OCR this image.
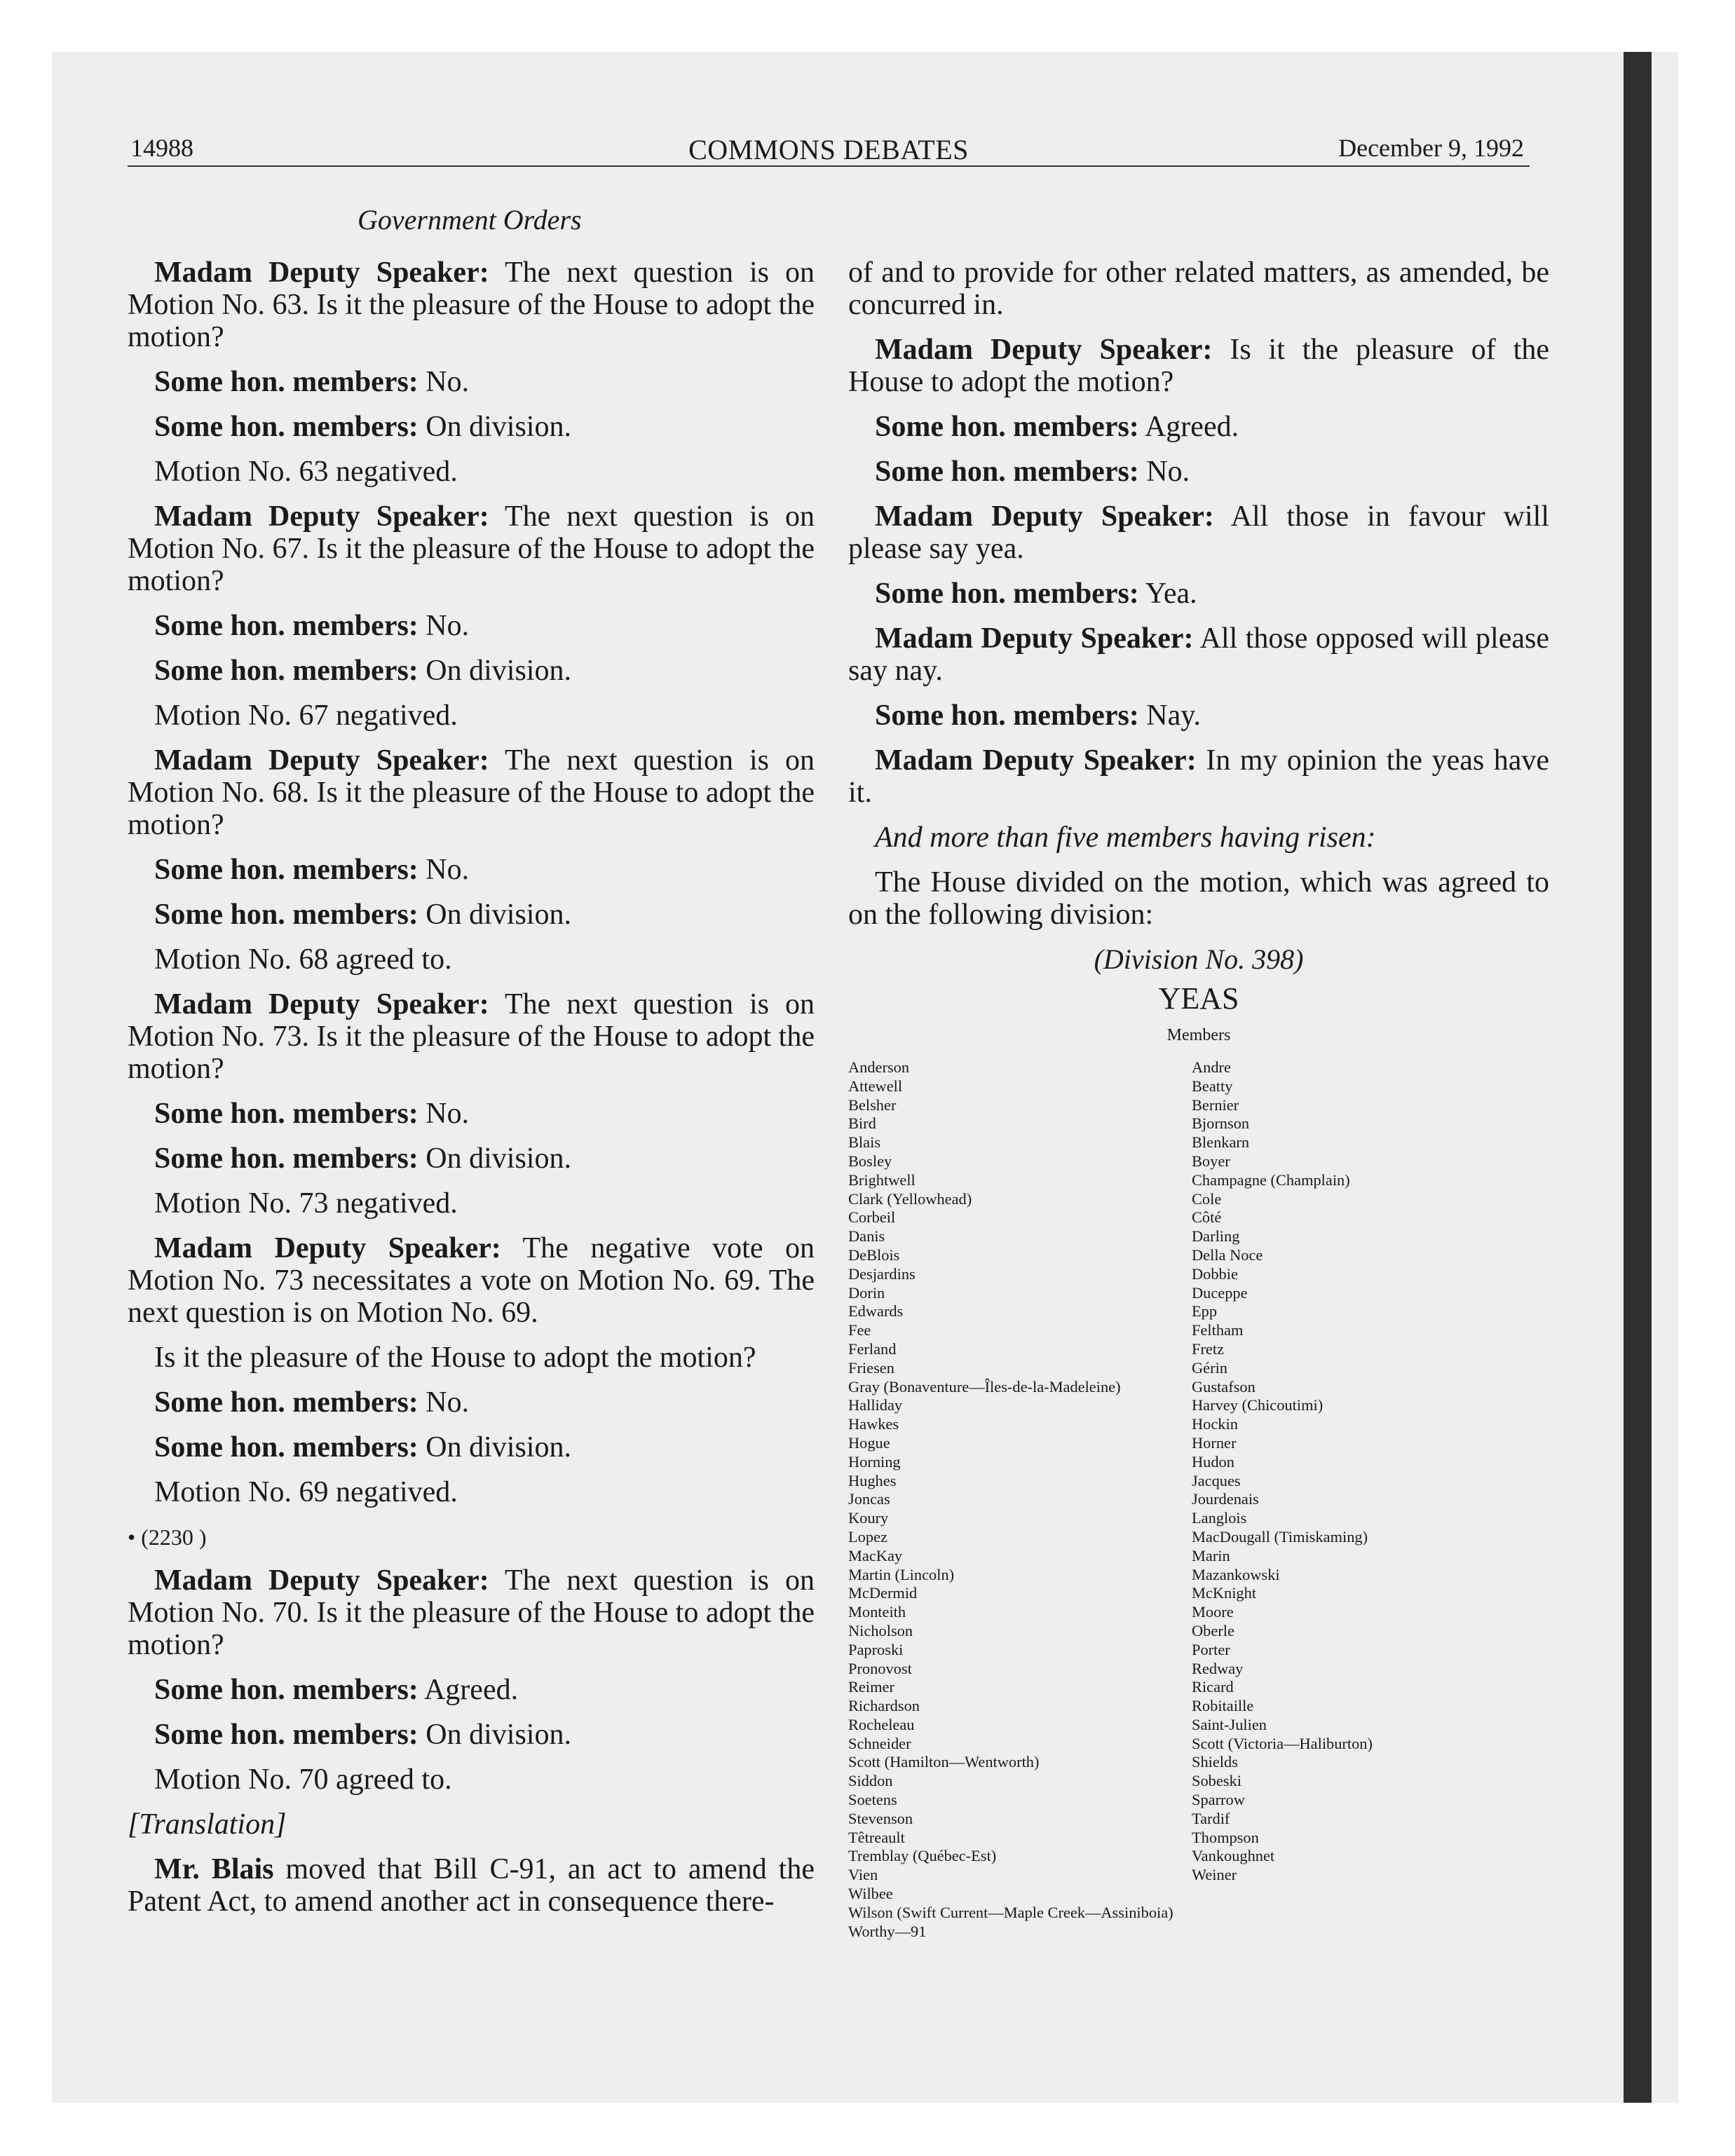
14988	COMMONS DEBATES	December 9, 1992
Government Orders

Madam Deputy Speaker: The next question is on Motion No. 63. Is it the pleasure of the House to adopt the motion?

Some hon. members: No.

Some hon. members: On division.

Motion No. 63 negatived.

Madam Deputy Speaker: The next question is on Motion No. 67. Is it the pleasure of the House to adopt the motion?

Some hon. members: No.

Some hon. members: On division.

Motion No. 67 negatived.

Madam Deputy Speaker: The next question is on Motion No. 68. Is it the pleasure of the House to adopt the motion?

Some hon. members: No.

Some hon. members: On division.

Motion No. 68 agreed to.

Madam Deputy Speaker: The next question is on Motion No. 73. Is it the pleasure of the House to adopt the motion?

Some hon. members: No.

Some hon. members: On division.

Motion No. 73 negatived.

Madam Deputy Speaker: The negative vote on Motion No. 73 necessitates a vote on Motion No. 69. The next question is on Motion No. 69.

Is it the pleasure of the House to adopt the motion?

Some hon. members: No.

Some hon. members: On division.

Motion No. 69 negatived.

• (2230 )

Madam Deputy Speaker: The next question is on Motion No. 70. Is it the pleasure of the House to adopt the motion?

Some hon. members: Agreed.

Some hon. members: On division.

Motion No. 70 agreed to.

[Translation]

Mr. Blais moved that Bill C-91, an act to amend the Patent Act, to amend another act in consequence there-

of and to provide for other related matters, as amended, be concurred in.

Madam Deputy Speaker: Is it the pleasure of the House to adopt the motion?

Some hon. members: Agreed.

Some hon. members: No.

Madam Deputy Speaker: All those in favour will please say yea.

Some hon. members: Yea.

Madam Deputy Speaker: All those opposed will please say nay.

Some hon. members: Nay.

Madam Deputy Speaker: In my opinion the yeas have it.

And more than five members having risen:

The House divided on the motion, which was agreed to on the following division:

(Division No. 398)
YEAS
Members
Anderson
Attewell
Belsher
Bird
Blais
Bosley
Brightwell
Clark (Yellowhead)
Corbeil
Danis
DeBlois
Desjardins
Dorin
Edwards
Fee
Ferland
Friesen
Gray (Bonaventure—Îles-de-la-Madeleine)
Halliday
Hawkes
Hogue
Horning
Hughes
Joncas
Koury
Lopez
MacKay
Martin (Lincoln)
McDermid
Monteith
Nicholson
Paproski
Pronovost
Reimer
Richardson
Rocheleau
Schneider
Scott (Hamilton—Wentworth)
Siddon
Soetens
Stevenson
Têtreault
Tremblay (Québec-Est)
Vien
Wilbee
Wilson (Swift Current—Maple Creek—Assiniboia)
Worthy—91
Andre
Beatty
Bernier
Bjornson
Blenkarn
Boyer
Champagne (Champlain)
Cole
Côté
Darling
Della Noce
Dobbie
Duceppe
Epp
Feltham
Fretz
Gérin
Gustafson
Harvey (Chicoutimi)
Hockin
Horner
Hudon
Jacques
Jourdenais
Langlois
MacDougall (Timiskaming)
Marin
Mazankowski
McKnight
Moore
Oberle
Porter
Redway
Ricard
Robitaille
Saint-Julien
Scott (Victoria—Haliburton)
Shields
Sobeski
Sparrow
Tardif
Thompson
Vankoughnet
Weiner
